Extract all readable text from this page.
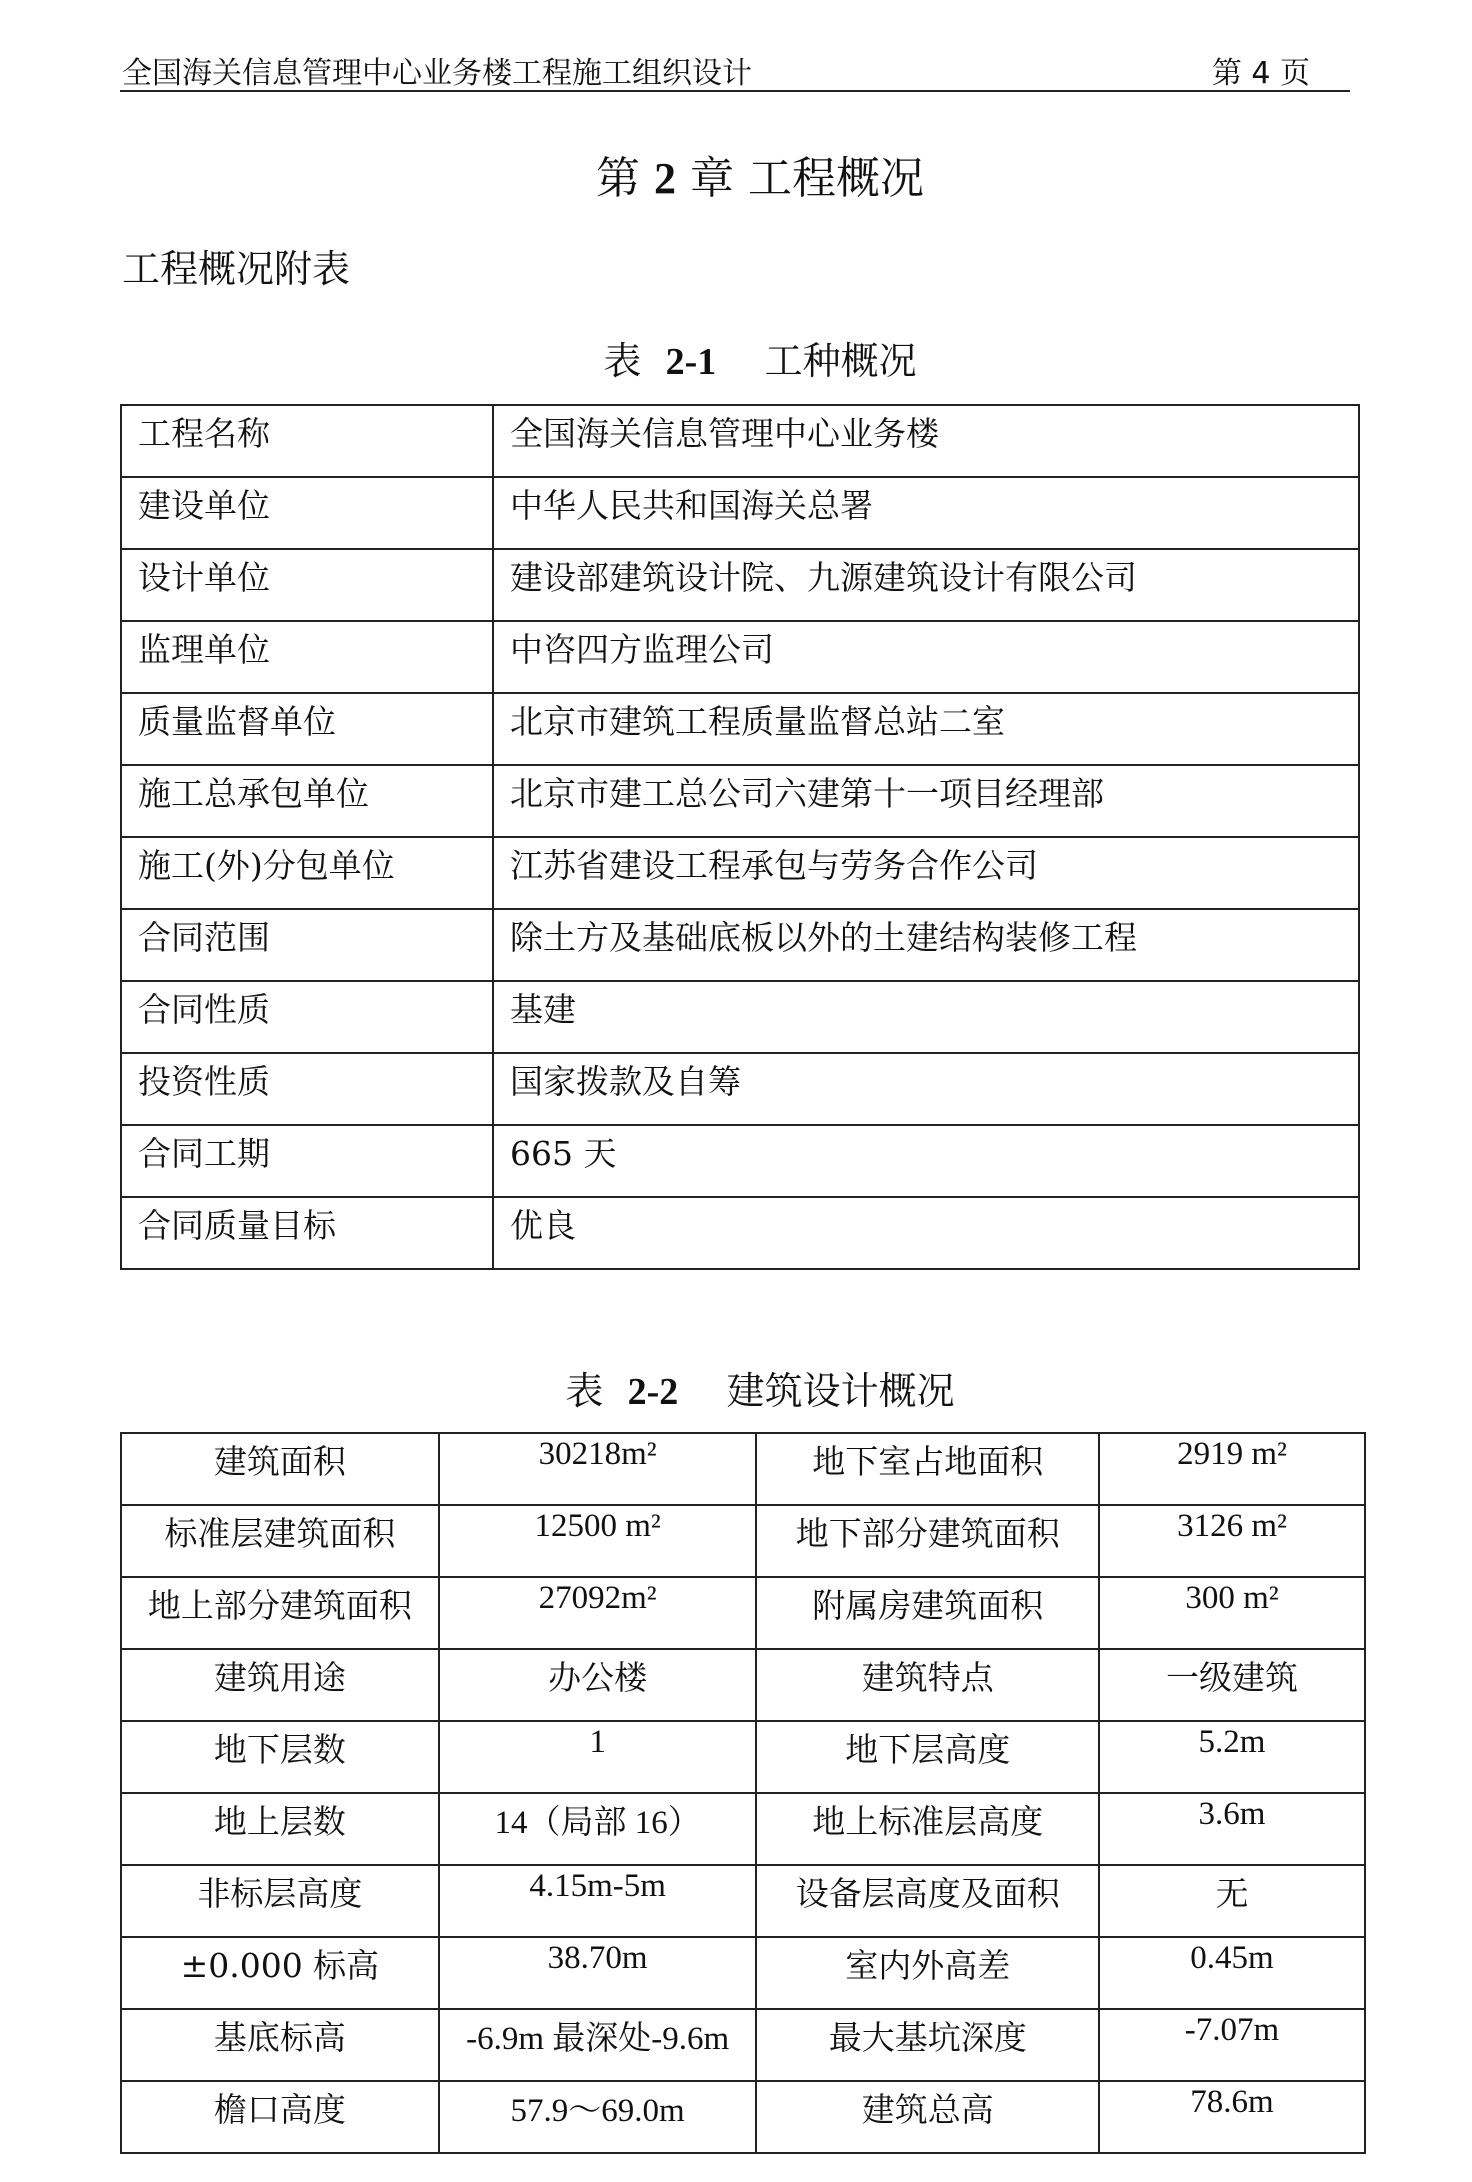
全国海关信息管理中心业务楼工程施工组织设计	第 4 页
第 2 章 工程概况
工程概况附表
表 2-1 工种概况
工程名称	全国海关信息管理中心业务楼
建设单位	中华人民共和国海关总署
设计单位	建设部建筑设计院、九源建筑设计有限公司
监理单位	中咨四方监理公司
质量监督单位	北京市建筑工程质量监督总站二室
施工总承包单位	北京市建工总公司六建第十一项目经理部
施工(外)分包单位	江苏省建设工程承包与劳务合作公司
合同范围	除土方及基础底板以外的土建结构装修工程
合同性质	基建
投资性质	国家拨款及自筹
合同工期	665 天
合同质量目标	优良
表 2-2 建筑设计概况
建筑面积	30218m²	地下室占地面积	2919 m²
标准层建筑面积	12500 m²	地下部分建筑面积	3126 m²
地上部分建筑面积	27092m²	附属房建筑面积	300 m²
建筑用途	办公楼	建筑特点	一级建筑
地下层数	1	地下层高度	5.2m
地上层数	14（局部 16）	地上标准层高度	3.6m
非标层高度	4.15m-5m	设备层高度及面积	无
±0.000 标高	38.70m	室内外高差	0.45m
基底标高	-6.9m 最深处-9.6m	最大基坑深度	-7.07m
檐口高度	57.9～69.0m	建筑总高	78.6m
